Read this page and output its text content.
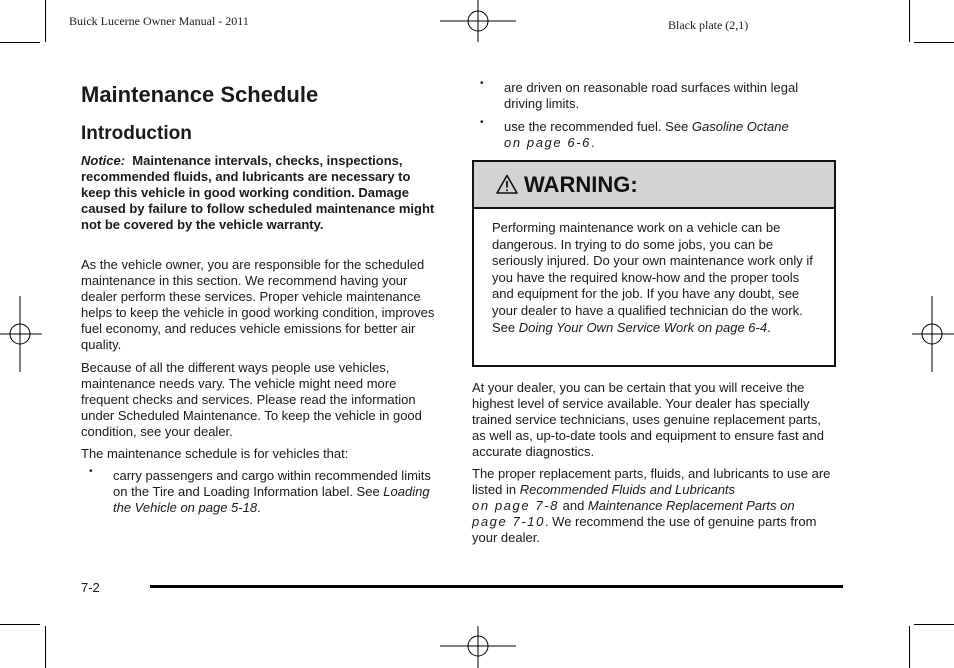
Buick Lucerne Owner Manual - 2011	Black plate (2,1)
Maintenance Schedule
Introduction
Notice: Maintenance intervals, checks, inspections, recommended fluids, and lubricants are necessary to keep this vehicle in good working condition. Damage caused by failure to follow scheduled maintenance might not be covered by the vehicle warranty.

As the vehicle owner, you are responsible for the scheduled maintenance in this section. We recommend having your dealer perform these services. Proper vehicle maintenance helps to keep the vehicle in good working condition, improves fuel economy, and reduces vehicle emissions for better air quality.

Because of all the different ways people use vehicles, maintenance needs vary. The vehicle might need more frequent checks and services. Please read the information under Scheduled Maintenance. To keep the vehicle in good condition, see your dealer.

The maintenance schedule is for vehicles that:

• carry passengers and cargo within recommended limits on the Tire and Loading Information label. See Loading the Vehicle on page 5-18.

• are driven on reasonable road surfaces within legal driving limits.

• use the recommended fuel. See Gasoline Octane
on page 6-6.

WARNING:

Performing maintenance work on a vehicle can be dangerous. In trying to do some jobs, you can be seriously injured. Do your own maintenance work only if you have the required know-how and the proper tools and equipment for the job. If you have any doubt, see your dealer to have a qualified technician do the work. See Doing Your Own Service Work on page 6-4.

At your dealer, you can be certain that you will receive the highest level of service available. Your dealer has specially trained service technicians, uses genuine replacement parts, as well as, up-to-date tools and equipment to ensure fast and accurate diagnostics.

The proper replacement parts, fluids, and lubricants to use are listed in Recommended Fluids and Lubricants
on page 7-8 and Maintenance Replacement Parts on
page 7-10. We recommend the use of genuine parts from your dealer.

7-2
